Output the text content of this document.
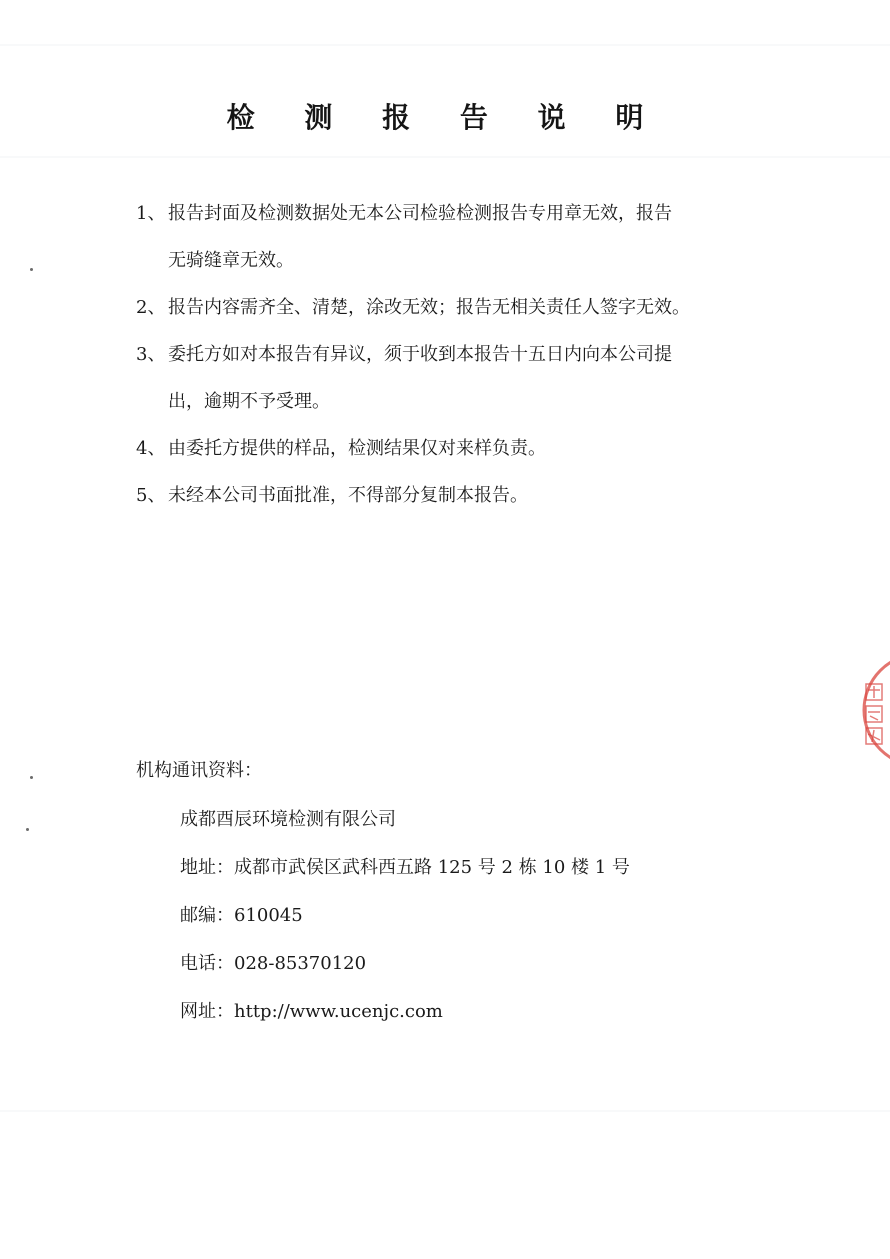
检 测 报 告 说 明
1、 报告封面及检测数据处无本公司检验检测报告专用章无效，报告
无骑缝章无效。
2、 报告内容需齐全、清楚，涂改无效；报告无相关责任人签字无效。
3、 委托方如对本报告有异议，须于收到本报告十五日内向本公司提
出，逾期不予受理。
4、 由委托方提供的样品，检测结果仅对来样负责。
5、 未经本公司书面批准，不得部分复制本报告。
机构通讯资料：
成都酉辰环境检测有限公司
地址：成都市武侯区武科西五路 125 号 2 栋 10 楼 1 号
邮编：610045
电话：028-85370120
网址：http://www.ucenjc.com
